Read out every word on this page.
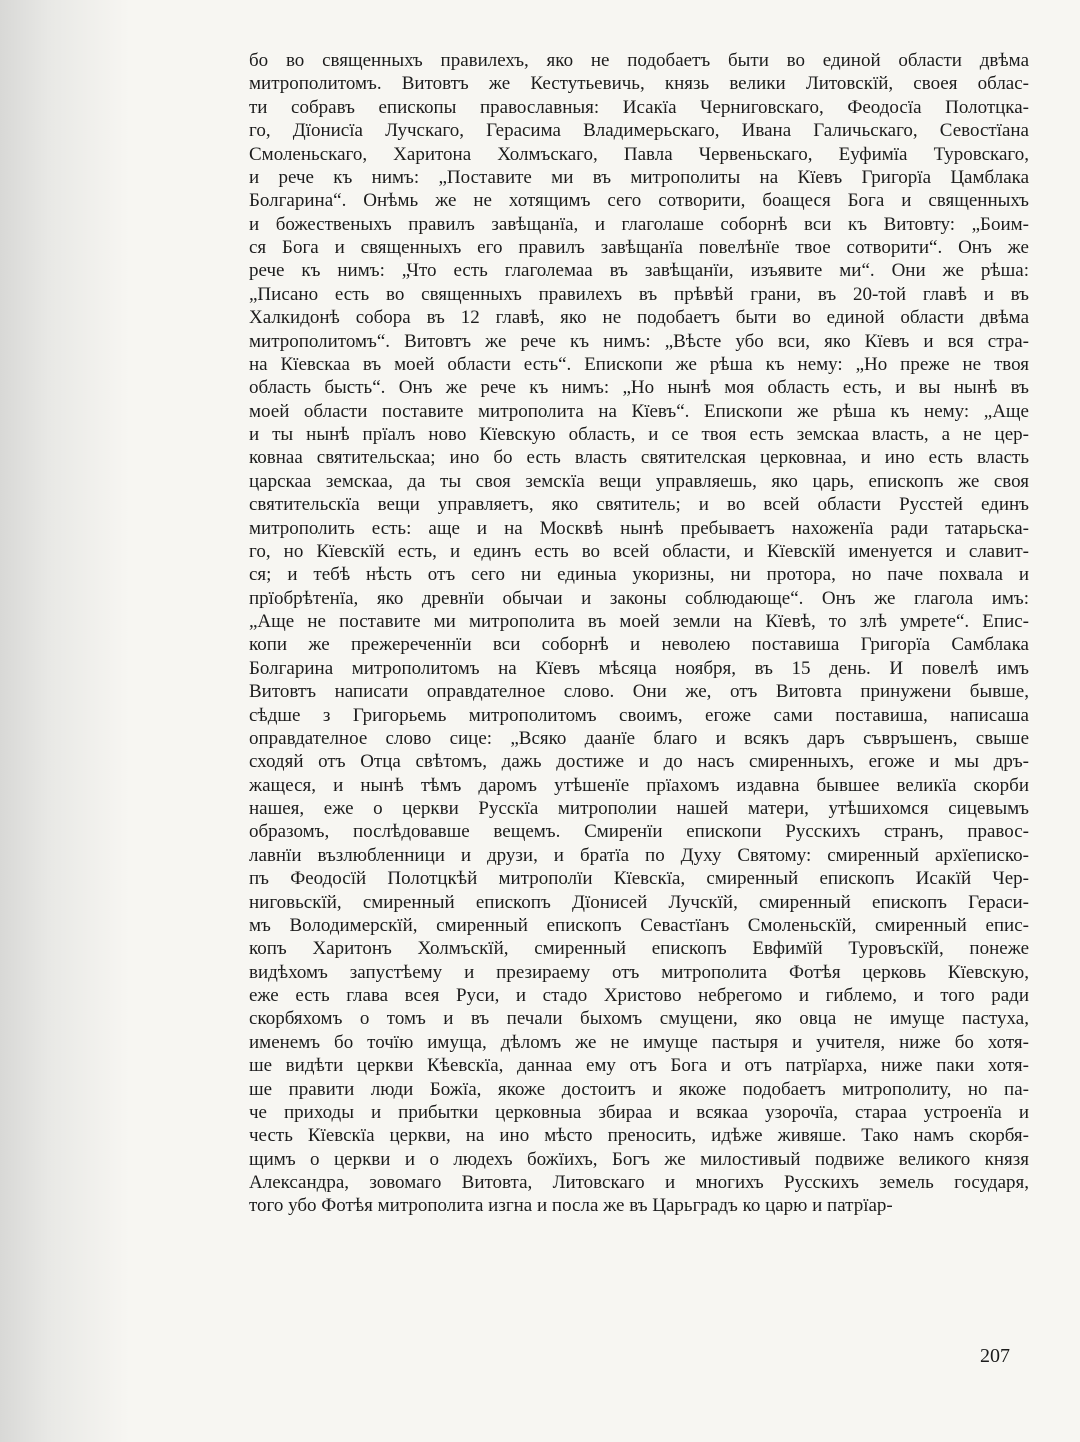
бо во священныхъ правилехъ, яко не подобаетъ быти во единой области двѣма
митрополитомъ. Витовтъ же Кестутьевичь, князь велики Литовскїй, своея облас-
ти собравъ епископы православныя: Исакїа Черниговскаго, Феодосїа Полотцка-
го, Дїонисїа Лучскаго, Герасима Владимерьскаго, Ивана Галичьскаго, Севостїана
Смоленьскаго, Харитона Холмъскаго, Павла Червеньскаго, Еуфимїа Туровскаго,
и рече къ нимъ: „Поставите ми въ митрополиты на Кїевъ Григорїа Цамблака
Болгарина“. Онѣмь же не хотящимъ сего сотворити, боащеся Бога и священныхъ
и божественыхъ правилъ завѣщанїа, и глаголаше соборнѣ вси къ Витовту: „Боим-
ся Бога и священныхъ его правилъ завѣщанїа повелѣнїе твое сотворити“. Онъ же
рече къ нимъ: „Что есть глаголемаа въ завѣщанїи, изъявите ми“. Они же рѣша:
„Писано есть во священныхъ правилехъ въ прѣвѣй грани, въ 20-той главѣ и въ
Халкидонѣ собора въ 12 главѣ, яко не подобаетъ быти во единой области двѣма
митрополитомъ“. Витовтъ же рече къ нимъ: „Вѣсте убо вси, яко Кїевъ и вся стра-
на Кїевскаа въ моей области есть“. Епископи же рѣша къ нему: „Но преже не твоя
область бысть“. Онъ же рече къ нимъ: „Но нынѣ моя область есть, и вы нынѣ въ
моей области поставите митрополита на Кїевъ“. Епископи же рѣша къ нему: „Аще
и ты нынѣ прїалъ ново Кїевскую область, и се твоя есть земскаа власть, а не цер-
ковнаа святительскаа; ино бо есть власть святителская церковнаа, и ино есть власть
царскаа земскаа, да ты своя земскїа вещи управляешь, яко царь, епископъ же своя
святительскїа вещи управляетъ, яко святитель; и во всей области Русстей единъ
митрополить есть: аще и на Москвѣ нынѣ пребываетъ нахоженїа ради татарьска-
го, но Кїевскїй есть, и единъ есть во всей области, и Кїевскїй именуется и славит-
ся; и тебѣ нѣсть отъ сего ни единыа укоризны, ни протора, но паче похвала и
прїобрѣтенїа, яко древнїи обычаи и законы соблюдающе“. Онъ же глагола имъ:
„Аще не поставите ми митрополита въ моей земли на Кїевѣ, то злѣ умрете“. Епис-
копи же прежереченнїи вси соборнѣ и неволею поставиша Григорїа Самблака
Болгарина митрополитомъ на Кїевъ мѣсяца ноября, въ 15 день. И повелѣ имъ
Витовтъ написати оправдателное слово. Они же, отъ Витовта принужени бывше,
сѣдше з Григорьемь митрополитомъ своимъ, егоже сами поставиша, написаша
оправдателное слово сице: „Всяко даанїе благо и всякъ даръ съвръшенъ, свыше
сходяй отъ Отца свѣтомъ, дажь достиже и до насъ смиренныхъ, егоже и мы дръ-
жащеся, и нынѣ тѣмъ даромъ утѣшенїе прїахомъ издавна бывшее великїа скорби
нашея, еже о церкви Русскїа митрополии нашей матери, утѣшихомся сицевымъ
образомъ, послѣдовавше вещемъ. Смиренїи епископи Русскихъ странъ, правос-
лавнїи възлюбленници и друзи, и братїа по Духу Святому: смиренный архїеписко-
пъ Феодосїй Полотцкѣй митрополїи Кїевскїа, смиренный епископъ Исакїй Чер-
ниговьскїй, смиренный епископъ Дїонисей Лучскїй, смиренный епископъ Гераси-
мъ Володимерскїй, смиренный епископъ Севастїанъ Смоленьскїй, смиренный епис-
копъ Харитонъ Холмъскїй, смиренный епископъ Евфимїй Туровъскїй, понеже
видѣхомъ запустѣему и презираему отъ митрополита Фотѣя церковь Кїевскую,
еже есть глава всея Руси, и стадо Христово небрегомо и гиблемо, и того ради
скорбяхомъ о томъ и въ печали быхомъ смущени, яко овца не имуще пастуха,
именемъ бо точїю имуща, дѣломъ же не имуще пастыря и учителя, ниже бо хотя-
ше видѣти церкви Кѣевскїа, даннаа ему отъ Бога и отъ патрїарха, ниже паки хотя-
ше правити люди Божїа, якоже достоитъ и якоже подобаетъ митрополиту, но па-
че приходы и прибытки церковныа збираа и всякаа узорочїа, стараа устроенїа и
честь Кїевскїа церкви, на ино мѣсто преносить, идѣже живяше. Тако намъ скорбя-
щимъ о церкви и о людехъ божїихъ, Богъ же милостивый подвиже великого князя
Александра, зовомаго Витовта, Литовскаго и многихъ Русскихъ земель государя,
того убо Фотѣя митрополита изгна и посла же въ Царьградъ ко царю и патрїар-
207
